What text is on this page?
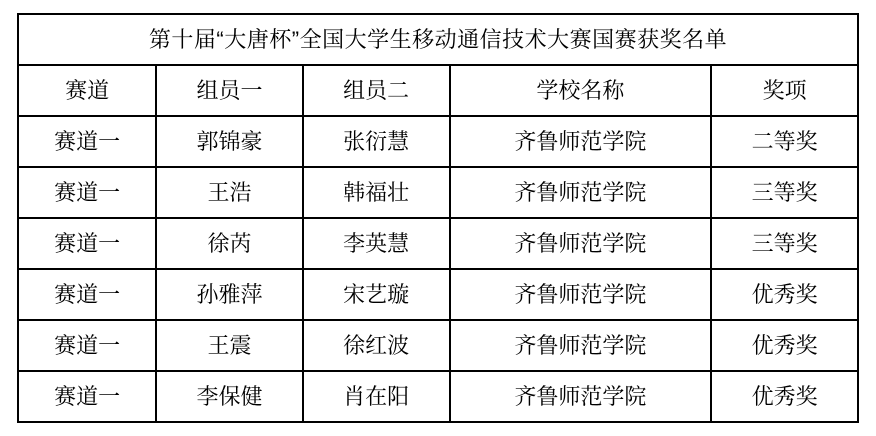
第十届“大唐杯”全国大学生移动通信技术大赛国赛获奖名单				
赛道	组员一	组员二	学校名称	奖项
赛道一	郭锦豪	张衍慧	齐鲁师范学院	二等奖
赛道一	王浩	韩福壮	齐鲁师范学院	三等奖
赛道一	徐芮	李英慧	齐鲁师范学院	三等奖
赛道一	孙雅萍	宋艺璇	齐鲁师范学院	优秀奖
赛道一	王震	徐红波	齐鲁师范学院	优秀奖
赛道一	李保健	肖在阳	齐鲁师范学院	优秀奖
